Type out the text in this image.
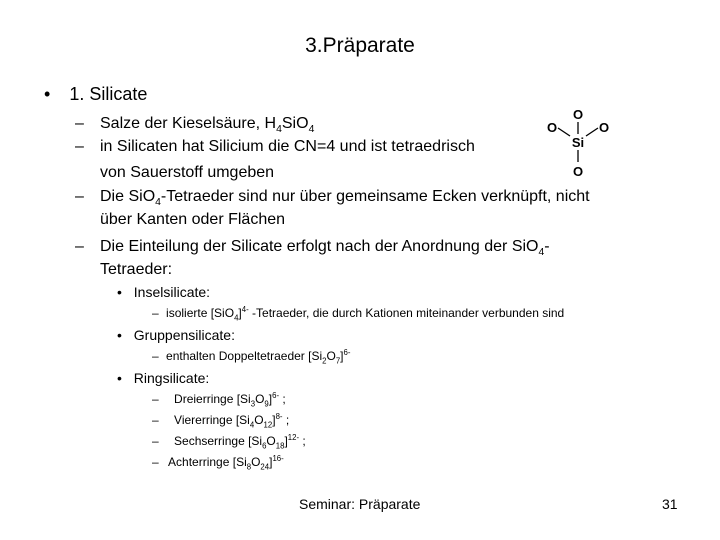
3.Präparate
• 1. Silicate
– Salze der Kieselsäure, $H_4SiO_4$
– in Silicaten hat Silicium die CN=4 und ist tetraedrisch
von Sauerstoff umgeben
– Die SiO$_4$-Tetraeder sind nur über gemeinsame Ecken verknüpft, nicht
über Kanten oder Flächen
– Die Einteilung der Silicate erfolgt nach der Anordnung der SiO$_4$-
Tetraeder:
• Inselsilicate:
– isolierte $[SiO_4]^{4-}$ -Tetraeder, die durch Kationen miteinander verbunden sind
• Gruppensilicate:
– enthalten Doppeltetraeder $[Si_2O_7]^{6-}$
• Ringsilicate:
– Dreierringe $[Si_3O_9]^{6-}$ ;
– Viererringe $[Si_4O_{12}]^{8-}$ ;
– Sechserringe $[Si_6O_{18}]^{12-}$ ;
– Achterringe $[Si_8O_{24}]^{16-}$
O
O	O
Si
O
Seminar: Präparate	31
